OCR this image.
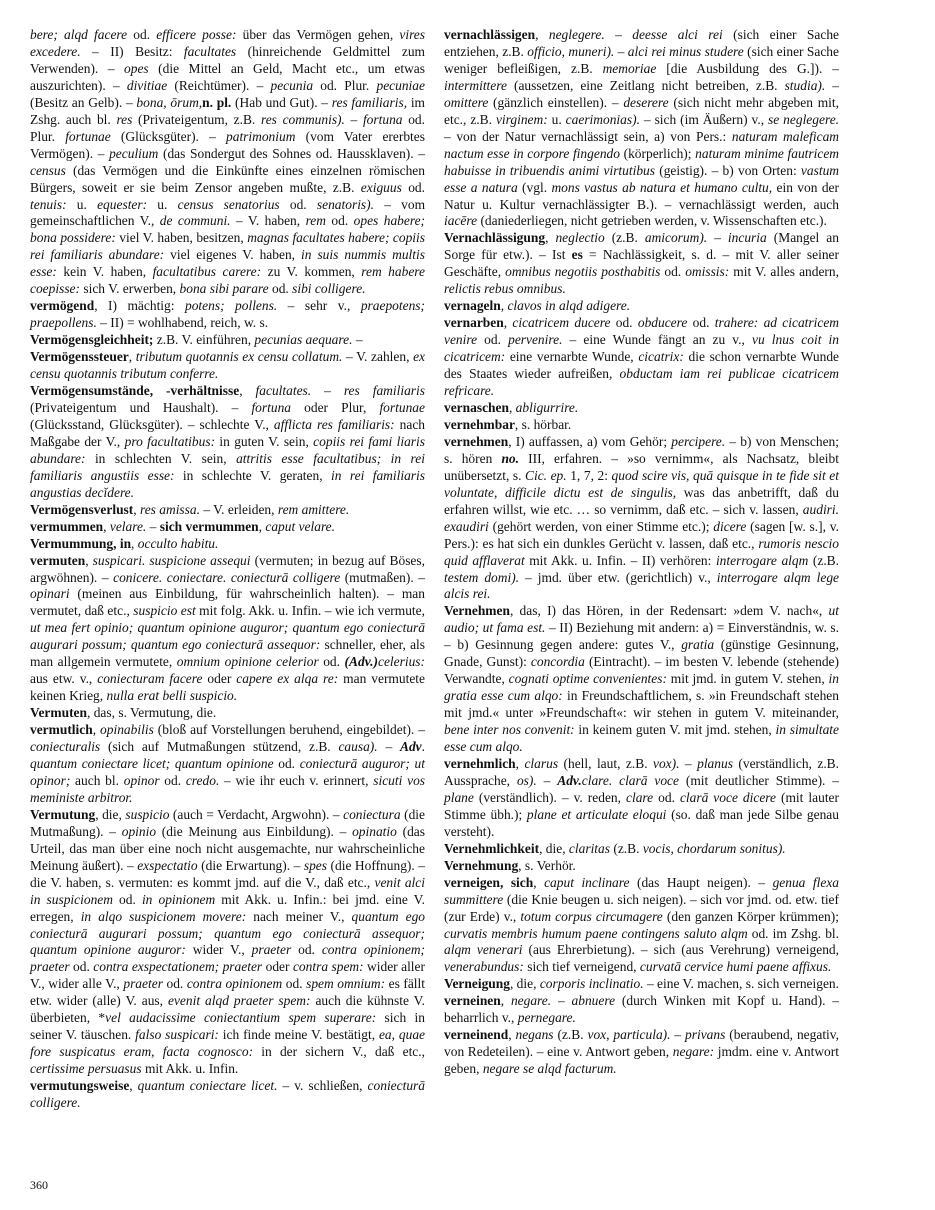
bere; alqd facere od. efficere posse: über das Vermögen gehen, vires excedere. – II) Besitz: facultates (hinreichende Geldmittel zum Verwenden). – opes (die Mittel an Geld, Macht etc., um etwas auszurichten). – divitiae (Reichtümer). – pecunia od. Plur. pecuniae (Besitz an Gelb). – bona, ōrum,n. pl. (Hab und Gut). – res familiaris, im Zshg. auch bl. res (Privateigentum, z.B. res communis). – fortuna od. Plur. fortunae (Glücksgüter). – patrimonium (vom Vater ererbtes Vermögen). – peculium (das Sondergut des Sohnes od. Haussklaven). – census (das Vermögen und die Einkünfte eines einzelnen römischen Bürgers, soweit er sie beim Zensor angeben mußte, z.B. exiguus od. tenuis: u. equester: u. census senatorius od. senatoris). – vom gemeinschaftlichen V., de communi. – V. haben, rem od. opes habere; bona possidere: viel V. haben, besitzen, magnas facultates habere; copiis rei familiaris abundare: viel eigenes V. haben, in suis nummis multis esse: kein V. haben, facultatibus carere: zu V. kommen, rem habere coepisse: sich V. erwerben, bona sibi parare od. sibi colligere.

vermögend, I) mächtig: potens; pollens. – sehr v., praepotens; praepollens. – II) = wohlhabend, reich, w. s.

Vermögensgleichheit; z.B. V. einführen, pecunias aequare. –

Vermögenssteuer, tributum quotannis ex censu collatum. – V. zahlen, ex censu quotannis tributum conferre.

Vermögensumstände, -verhältnisse, facultates. – res familiaris (Privateigentum und Haushalt). – fortuna oder Plur, fortunae (Glücksstand, Glücksgüter). – schlechte V., afflicta res familiaris: nach Maßgabe der V., pro facultatibus: in guten V. sein, copiis rei fami liaris abundare: in schlechten V. sein, attritis esse facultatibus; in rei familiaris angustiis esse: in schlechte V. geraten, in rei familiaris angustias decĭdere.

Vermögensverlust, res amissa. – V. erleiden, rem amittere.

vermummen, velare. – sich vermummen, caput velare.

Vermummung, in, occulto habitu.

vermuten, suspicari. suspicione assequi (vermuten; in bezug auf Böses, argwöhnen). – conicere. coniectare. coniecturā colligere (mutmaßen). – opinari (meinen aus Einbildung, für wahrscheinlich halten). – man vermutet, daß etc., suspicio est mit folg. Akk. u. Infin. – wie ich vermute, ut mea fert opinio; quantum opinione auguror; quantum ego coniecturā augurari possum; quantum ego coniecturā assequor: schneller, eher, als man allgemein vermutete, omnium opinione celerior od. (Adv.)celerius: aus etw. v., coniecturam facere oder capere ex alqa re: man vermutete keinen Krieg, nulla erat belli suspicio.

Vermuten, das, s. Vermutung, die.

vermutlich, opinabilis (bloß auf Vorstellungen beruhend, eingebildet). – coniecturalis (sich auf Mutmaßungen stützend, z.B. causa). – Adv. quantum coniectare licet; quantum opinione od. coniecturā auguror; ut opinor; auch bl. opinor od. credo. – wie ihr euch v. erinnert, sicuti vos meministe arbitror.

Vermutung, die, suspicio (auch = Verdacht, Argwohn). – coniectura (die Mutmaßung). – opinio (die Meinung aus Einbildung). – opinatio (das Urteil, das man über eine noch nicht ausgemachte, nur wahrscheinliche Meinung äußert). – exspectatio (die Erwartung). – spes (die Hoffnung). – die V. haben, s. vermuten: es kommt jmd. auf die V., daß etc., venit alci in suspicionem od. in opinionem mit Akk. u. Infin.: bei jmd. eine V. erregen, in alqo suspicionem movere: nach meiner V., quantum ego coniecturā augurari possum; quantum ego coniecturā assequor; quantum opinione auguror: wider V., praeter od. contra opinionem; praeter od. contra exspectationem; praeter oder contra spem: wider aller V., wider alle V., praeter od. contra opinionem od. spem omnium: es fällt etw. wider (alle) V. aus, evenit alqd praeter spem: auch die kühnste V. überbieten, *vel audacissime coniectantium spem superare: sich in seiner V. täuschen. falso suspicari: ich finde meine V. bestätigt, ea, quae fore suspicatus eram, facta cognosco: in der sichern V., daß etc., certissime persuasus mit Akk. u. Infin.

vermutungsweise, quantum coniectare licet. – v. schließen, coniecturā colligere.

vernachlässigen, neglegere. – deesse alci rei (sich einer Sache entziehen, z.B. officio, muneri). – alci rei minus studere (sich einer Sache weniger befleißigen, z.B. memoriae [die Ausbildung des G.]). – intermittere (aussetzen, eine Zeitlang nicht betreiben, z.B. studia). – omittere (gänzlich einstellen). – deserere (sich nicht mehr abgeben mit, etc., z.B. virginem: u. caerimonias). – sich (im Äußern) v., se neglegere. – von der Natur vernachlässigt sein, a) von Pers.: naturam maleficam nactum esse in corpore fingendo (körperlich); naturam minime fautricem habuisse in tribuendis animi virtutibus (geistig). – b) von Orten: vastum esse a natura (vgl. mons vastus ab natura et humano cultu, ein von der Natur u. Kultur vernachlässigter B.). – vernachlässigt werden, auch iacēre (daniederliegen, nicht getrieben werden, v. Wissenschaften etc.).

Vernachlässigung, neglectio (z.B. amicorum). – incuria (Mangel an Sorge für etw.). – Ist es = Nachlässigkeit, s. d. – mit V. aller seiner Geschäfte, omnibus negotiis posthabitis od. omissis: mit V. alles andern, relictis rebus omnibus.

vernageln, clavos in alqd adigere.

vernarben, cicatricem ducere od. obducere od. trahere: ad cicatricem venire od. pervenire. – eine Wunde fängt an zu v., vu lnus coit in cicatricem: eine vernarbte Wunde, cicatrix: die schon vernarbte Wunde des Staates wieder aufreißen, obductam iam rei publicae cicatricem refricare.

vernaschen, abligurrire.

vernehmbar, s. hörbar.

vernehmen, I) auffassen, a) vom Gehör; percipere. – b) von Menschen; s. hören no. III, erfahren. – »so vernimm«, als Nachsatz, bleibt unübersetzt, s. Cic. ep. 1, 7, 2: quod scire vis, quā quisque in te fide sit et voluntate, difficile dictu est de singulis, was das anbetrifft, daß du erfahren willst, wie etc. … so vernimm, daß etc. – sich v. lassen, audiri. exaudiri (gehört werden, von einer Stimme etc.); dicere (sagen [w. s.], v. Pers.): es hat sich ein dunkles Gerücht v. lassen, daß etc., rumoris nescio quid afflaverat mit Akk. u. Infin. – II) verhören: interrogare alqm (z.B. testem domi). – jmd. über etw. (gerichtlich) v., interrogare alqm lege alcis rei.

Vernehmen, das, I) das Hören, in der Redensart: »dem V. nach«, ut audio; ut fama est. – II) Beziehung mit andern: a) = Einverständnis, w. s. – b) Gesinnung gegen andere: gutes V., gratia (günstige Gesinnung, Gnade, Gunst): concordia (Eintracht). – im besten V. lebende (stehende) Verwandte, cognati optime convenientes: mit jmd. in gutem V. stehen, in gratia esse cum alqo: in Freundschaftlichem, s. »in Freundschaft stehen mit jmd.« unter »Freundschaft«: wir stehen in gutem V. miteinander, bene inter nos convenit: in keinem guten V. mit jmd. stehen, in simultate esse cum alqo.

vernehmlich, clarus (hell, laut, z.B. vox). – planus (verständlich, z.B. Aussprache, os). – Adv.clare. clarā voce (mit deutlicher Stimme). – plane (verständlich). – v. reden, clare od. clarā voce dicere (mit lauter Stimme übh.); plane et articulate eloqui (so. daß man jede Silbe genau versteht).

Vernehmlichkeit, die, claritas (z.B. vocis, chordarum sonitus).

Vernehmung, s. Verhör.

verneigen, sich, caput inclinare (das Haupt neigen). – genua flexa summittere (die Knie beugen u. sich neigen). – sich vor jmd. od. etw. tief (zur Erde) v., totum corpus circumagere (den ganzen Körper krümmen); curvatis membris humum paene contingens saluto alqm od. im Zshg. bl. alqm venerari (aus Ehrerbietung). – sich (aus Verehrung) verneigend, venerabundus: sich tief verneigend, curvatā cervice humi paene affixus.

Verneigung, die, corporis inclinatio. – eine V. machen, s. sich verneigen.

verneinen, negare. – abnuere (durch Winken mit Kopf u. Hand). – beharrlich v., pernegare.

verneinend, negans (z.B. vox, particula). – privans (beraubend, negativ, von Redeteilen). – eine v. Antwort geben, negare: jmdm. eine v. Antwort geben, negare se alqd facturum.

360
